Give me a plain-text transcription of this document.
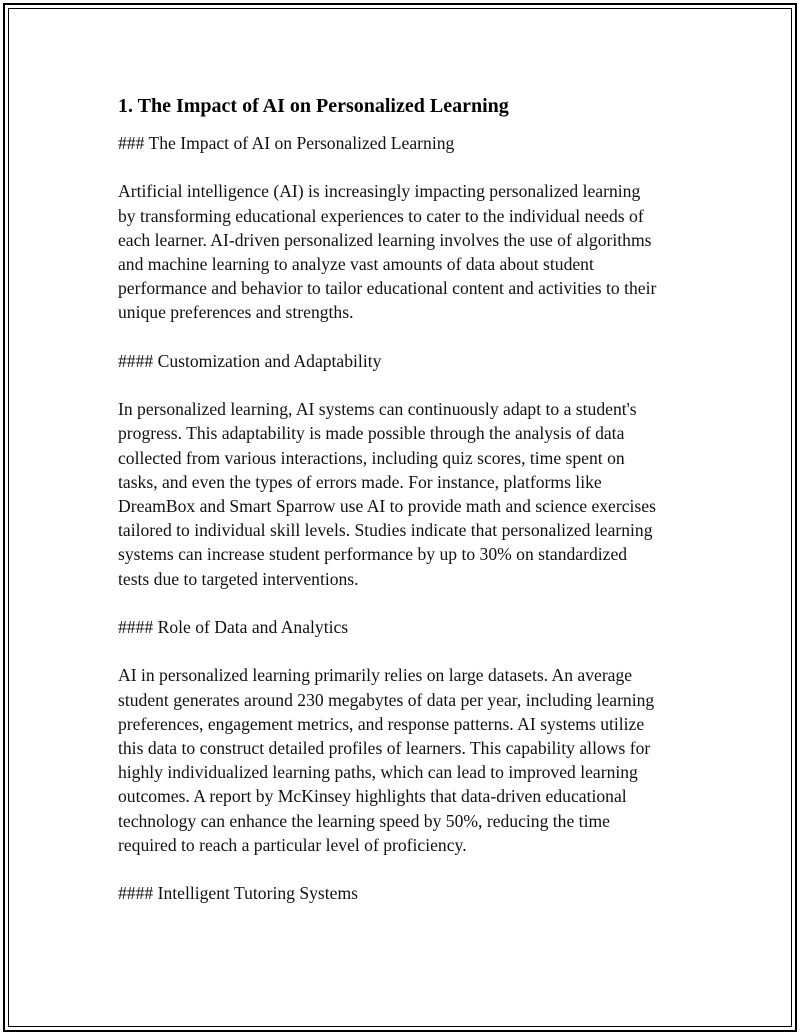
1. The Impact of AI on Personalized Learning

### The Impact of AI on Personalized Learning

Artificial intelligence (AI) is increasingly impacting personalized learning
by transforming educational experiences to cater to the individual needs of
each learner. AI-driven personalized learning involves the use of algorithms
and machine learning to analyze vast amounts of data about student
performance and behavior to tailor educational content and activities to their
unique preferences and strengths.

#### Customization and Adaptability

In personalized learning, AI systems can continuously adapt to a student's
progress. This adaptability is made possible through the analysis of data
collected from various interactions, including quiz scores, time spent on
tasks, and even the types of errors made. For instance, platforms like
DreamBox and Smart Sparrow use AI to provide math and science exercises
tailored to individual skill levels. Studies indicate that personalized learning
systems can increase student performance by up to 30% on standardized
tests due to targeted interventions.

#### Role of Data and Analytics

AI in personalized learning primarily relies on large datasets. An average
student generates around 230 megabytes of data per year, including learning
preferences, engagement metrics, and response patterns. AI systems utilize
this data to construct detailed profiles of learners. This capability allows for
highly individualized learning paths, which can lead to improved learning
outcomes. A report by McKinsey highlights that data-driven educational
technology can enhance the learning speed by 50%, reducing the time
required to reach a particular level of proficiency.

#### Intelligent Tutoring Systems
